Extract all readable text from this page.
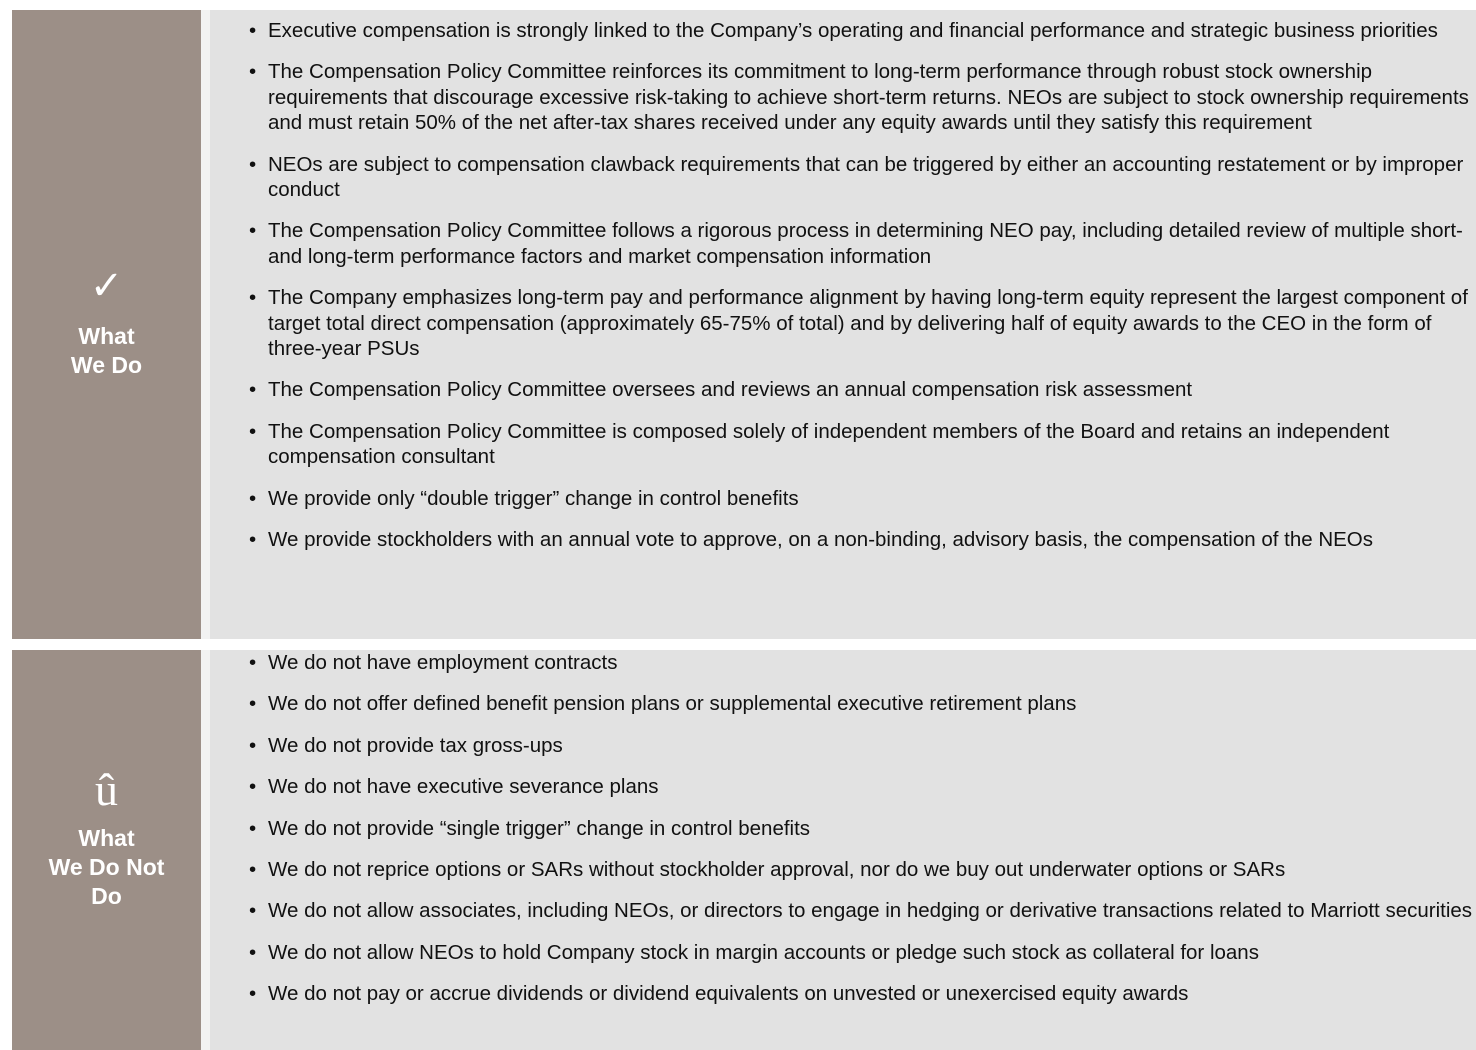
✓
What
We Do
• Executive compensation is strongly linked to the Company’s operating and financial performance and strategic business priorities
• The Compensation Policy Committee reinforces its commitment to long-term performance through robust stock ownership requirements that discourage excessive risk-taking to achieve short-term returns. NEOs are subject to stock ownership requirements and must retain 50% of the net after-tax shares received under any equity awards until they satisfy this requirement
• NEOs are subject to compensation clawback requirements that can be triggered by either an accounting restatement or by improper conduct
• The Compensation Policy Committee follows a rigorous process in determining NEO pay, including detailed review of multiple short- and long-term performance factors and market compensation information
• The Company emphasizes long-term pay and performance alignment by having long-term equity represent the largest component of target total direct compensation (approximately 65-75% of total) and by delivering half of equity awards to the CEO in the form of three-year PSUs
• The Compensation Policy Committee oversees and reviews an annual compensation risk assessment
• The Compensation Policy Committee is composed solely of independent members of the Board and retains an independent compensation consultant
• We provide only “double trigger” change in control benefits
• We provide stockholders with an annual vote to approve, on a non-binding, advisory basis, the compensation of the NEOs
û
What
We Do Not
Do
• We do not have employment contracts
• We do not offer defined benefit pension plans or supplemental executive retirement plans
• We do not provide tax gross-ups
• We do not have executive severance plans
• We do not provide “single trigger” change in control benefits
• We do not reprice options or SARs without stockholder approval, nor do we buy out underwater options or SARs
• We do not allow associates, including NEOs, or directors to engage in hedging or derivative transactions related to Marriott securities
• We do not allow NEOs to hold Company stock in margin accounts or pledge such stock as collateral for loans
• We do not pay or accrue dividends or dividend equivalents on unvested or unexercised equity awards
